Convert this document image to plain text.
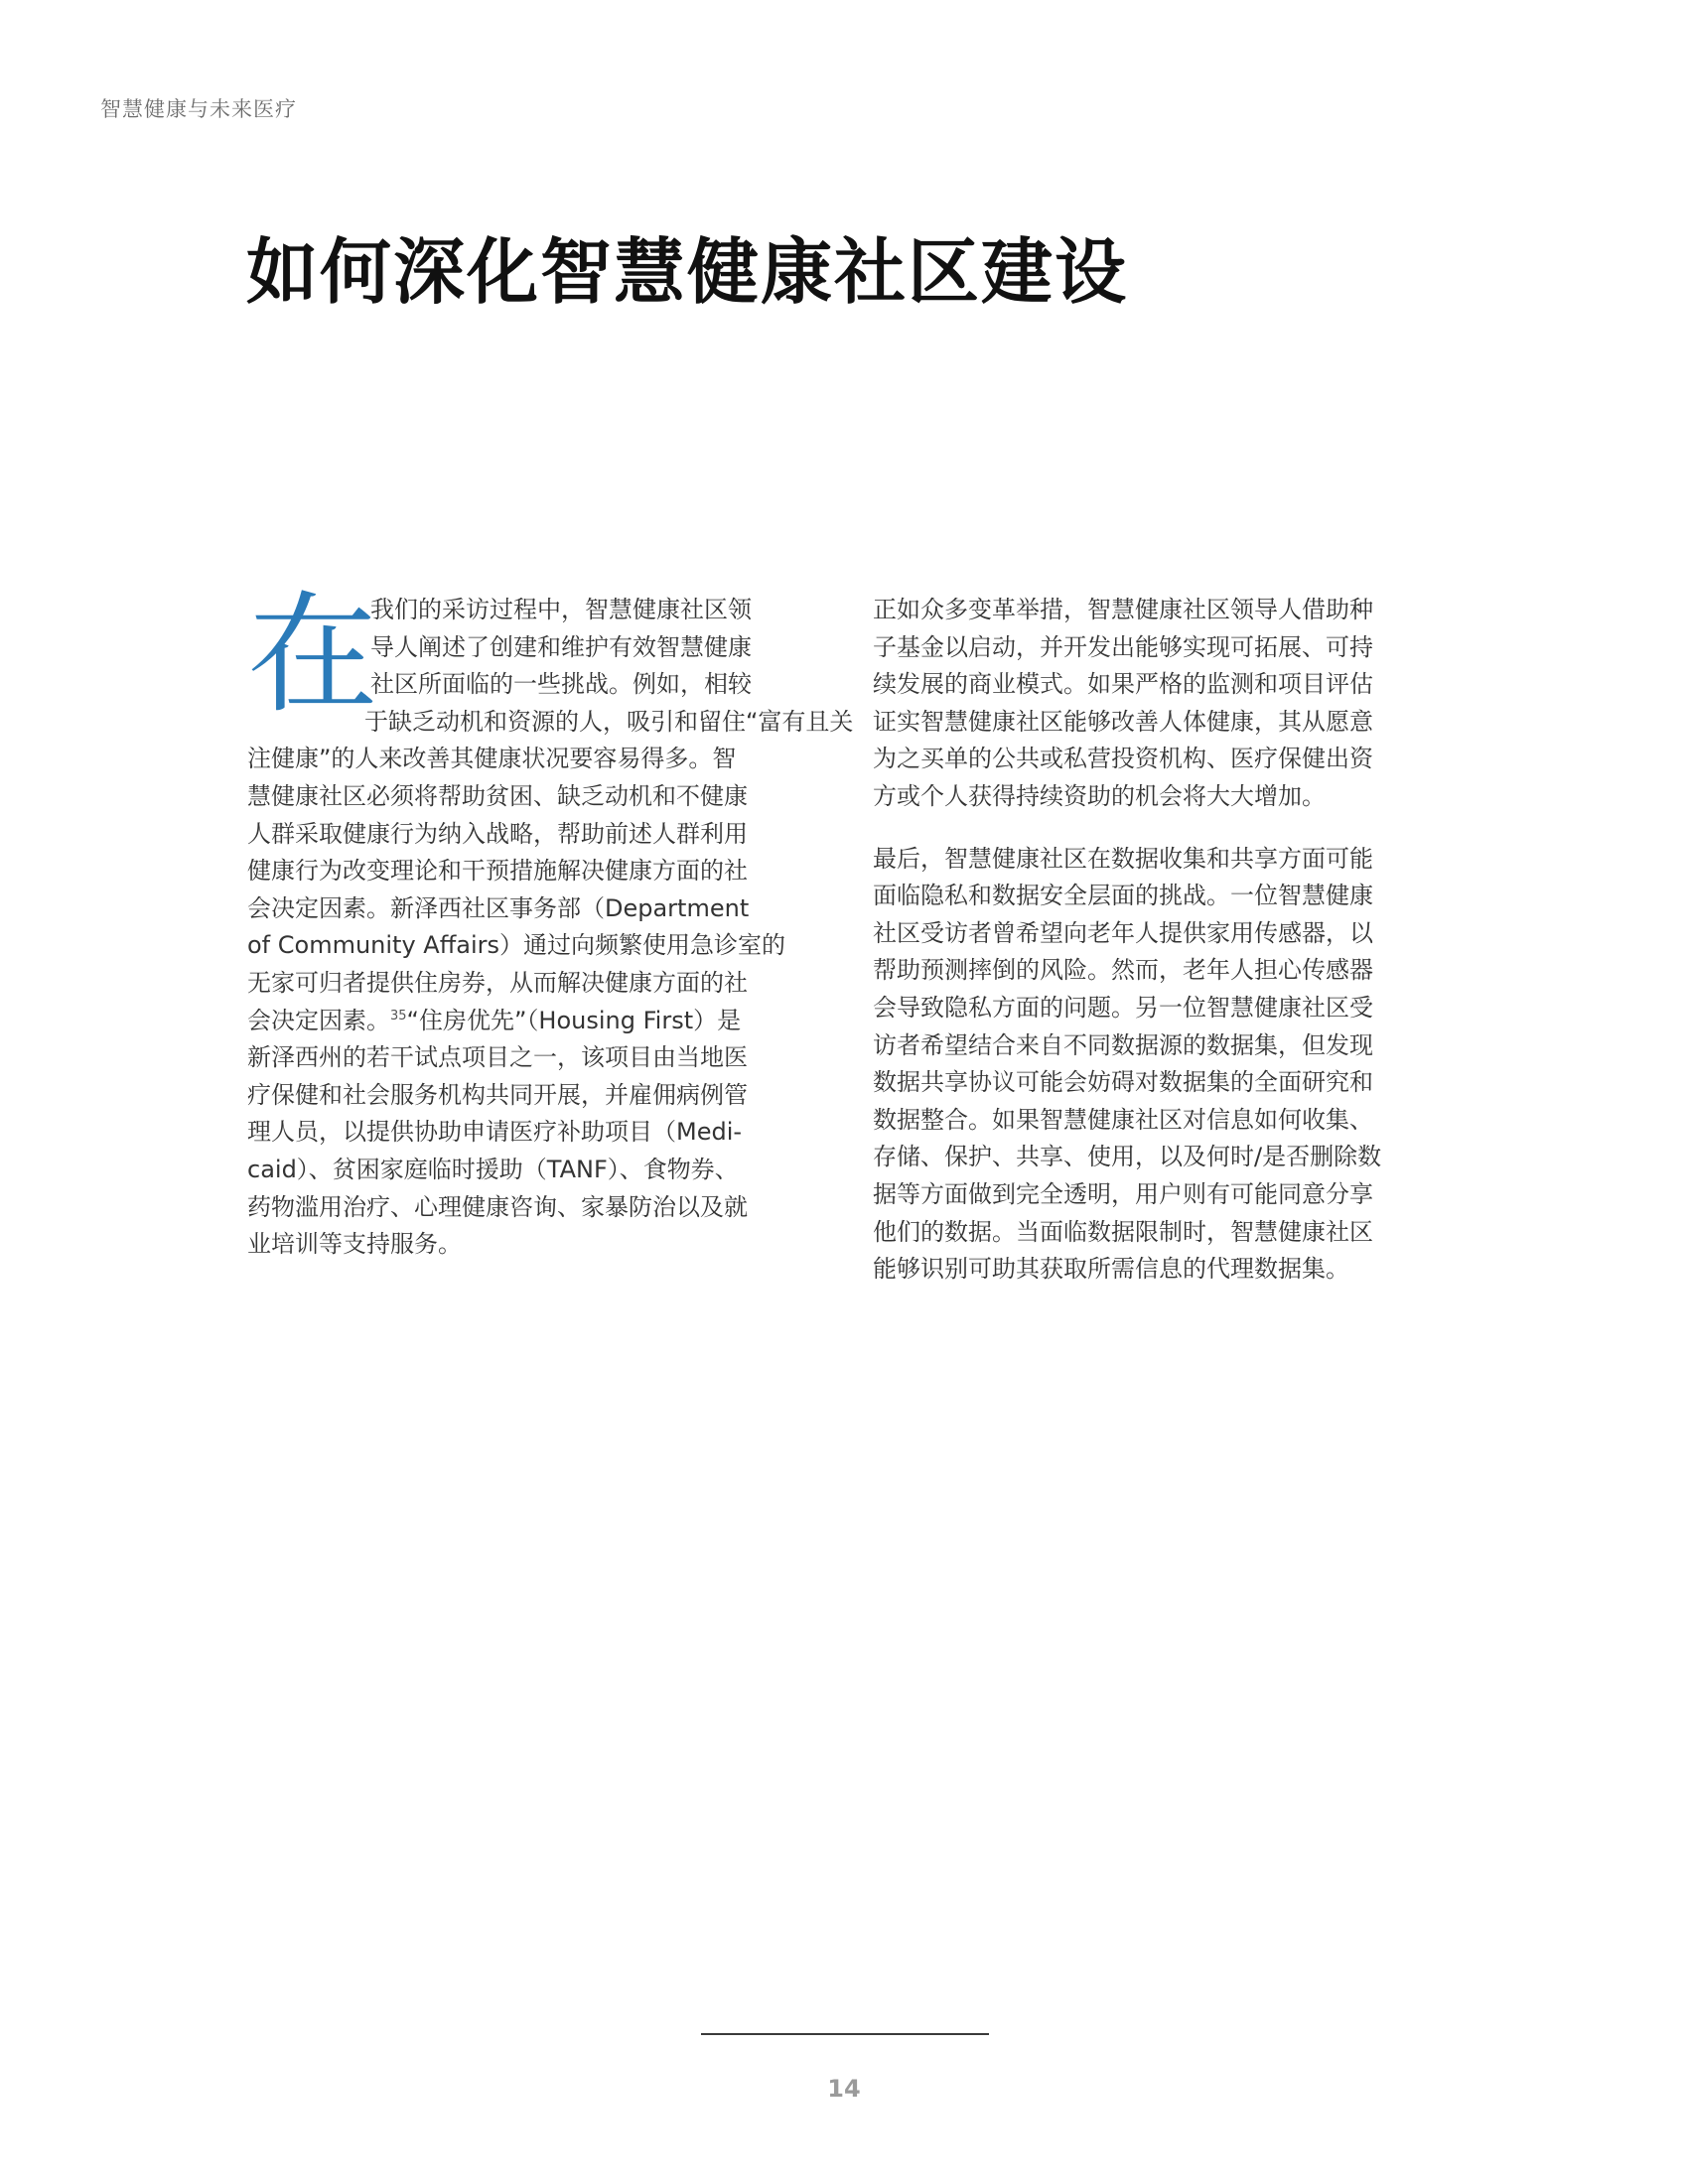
智慧健康与未来医疗
如何深化智慧健康社区建设

在
我们的采访过程中，智慧健康社区领
导人阐述了创建和维护有效智慧健康
社区所面临的一些挑战。例如，相较
于缺乏动机和资源的人，吸引和留住“富有且关
注健康”的人来改善其健康状况要容易得多。智
慧健康社区必须将帮助贫困、缺乏动机和不健康
人群采取健康行为纳入战略，帮助前述人群利用
健康行为改变理论和干预措施解决健康方面的社
会决定因素。新泽西社区事务部（Department
of Community Affairs）通过向频繁使用急诊室的
无家可归者提供住房券，从而解决健康方面的社
会决定因素。$^{35}$“住房优先”（Housing First）是
新泽西州的若干试点项目之一，该项目由当地医
疗保健和社会服务机构共同开展，并雇佣病例管
理人员，以提供协助申请医疗补助项目（Medi-
caid）、贫困家庭临时援助（TANF）、食物券、
药物滥用治疗、心理健康咨询、家暴防治以及就
业培训等支持服务。

正如众多变革举措，智慧健康社区领导人借助种
子基金以启动，并开发出能够实现可拓展、可持
续发展的商业模式。如果严格的监测和项目评估
证实智慧健康社区能够改善人体健康，其从愿意
为之买单的公共或私营投资机构、医疗保健出资
方或个人获得持续资助的机会将大大增加。

最后，智慧健康社区在数据收集和共享方面可能
面临隐私和数据安全层面的挑战。一位智慧健康
社区受访者曾希望向老年人提供家用传感器，以
帮助预测摔倒的风险。然而，老年人担心传感器
会导致隐私方面的问题。另一位智慧健康社区受
访者希望结合来自不同数据源的数据集，但发现
数据共享协议可能会妨碍对数据集的全面研究和
数据整合。如果智慧健康社区对信息如何收集、
存储、保护、共享、使用，以及何时/是否删除数
据等方面做到完全透明，用户则有可能同意分享
他们的数据。当面临数据限制时，智慧健康社区
能够识别可助其获取所需信息的代理数据集。

14
